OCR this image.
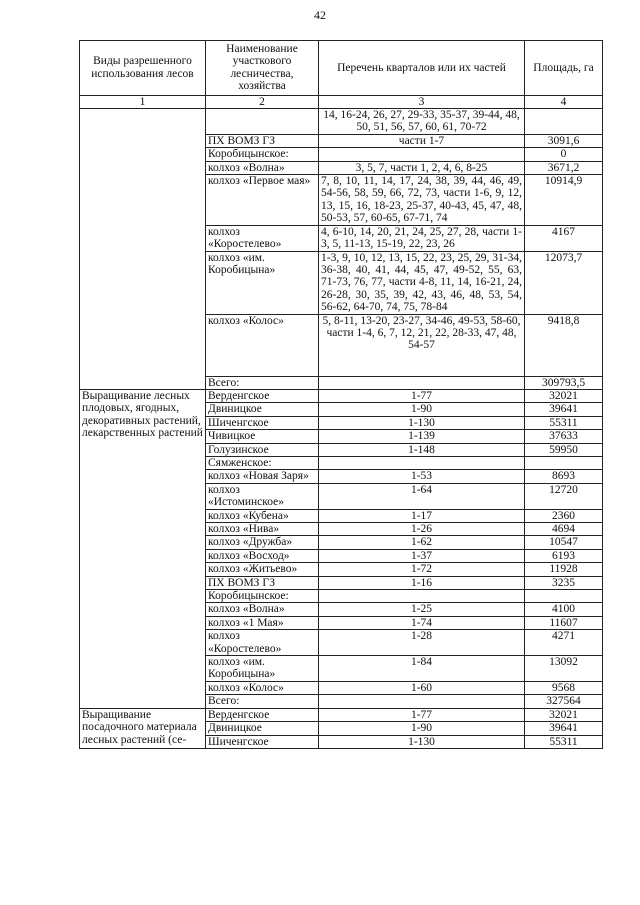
42
Виды разрешенного использования лесов	Наименование участкового лесничества, хозяйства	Перечень кварталов или их частей	Площадь, га
1	2	3	4
		14, 16-24, 26, 27, 29-33, 35-37, 39-44, 48, 50, 51, 56, 57, 60, 61, 70-72	
	ПХ ВОМЗ ГЗ	части 1-7	3091,6
	Коробицынское:		0
	колхоз «Волна»	3, 5, 7, части 1, 2, 4, 6, 8-25	3671,2
	колхоз «Первое мая»	7, 8, 10, 11, 14, 17, 24, 38, 39, 44, 46, 49, 54-56, 58, 59, 66, 72, 73, части 1-6, 9, 12, 13, 15, 16, 18-23, 25-37, 40-43, 45, 47, 48, 50-53, 57, 60-65, 67-71, 74	10914,9
	колхоз «Коростелево»	4, 6-10, 14, 20, 21, 24, 25, 27, 28, части 1-3, 5, 11-13, 15-19, 22, 23, 26	4167
	колхоз «им. Коробицына»	1-3, 9, 10, 12, 13, 15, 22, 23, 25, 29, 31-34, 36-38, 40, 41, 44, 45, 47, 49-52, 55, 63, 71-73, 76, 77, части 4-8, 11, 14, 16-21, 24, 26-28, 30, 35, 39, 42, 43, 46, 48, 53, 54, 56-62, 64-70, 74, 75, 78-84	12073,7
	колхоз «Колос»	5, 8-11, 13-20, 23-27, 34-46, 49-53, 58-60, части 1-4, 6, 7, 12, 21, 22, 28-33, 47, 48, 54-57	9418,8
	Всего:		309793,5
Выращивание лесных плодовых, ягодных, декоративных растений, лекарственных растений	Верденгское	1-77	32021
	Двиницкое	1-90	39641
	Шиченгское	1-130	55311
	Чивицкое	1-139	37633
	Голузинское	1-148	59950
	Сямженское:		
	колхоз «Новая Заря»	1-53	8693
	колхоз «Истоминское»	1-64	12720
	колхоз «Кубена»	1-17	2360
	колхоз «Нива»	1-26	4694
	колхоз «Дружба»	1-62	10547
	колхоз «Восход»	1-37	6193
	колхоз «Житьево»	1-72	11928
	ПХ ВОМЗ ГЗ	1-16	3235
	Коробицынское:		
	колхоз «Волна»	1-25	4100
	колхоз «1 Мая»	1-74	11607
	колхоз «Коростелево»	1-28	4271
	колхоз «им. Коробицына»	1-84	13092
	колхоз «Колос»	1-60	9568
	Всего:		327564
Выращивание посадочного материала лесных растений (се-	Верденгское	1-77	32021
	Двиницкое	1-90	39641
	Шиченгское	1-130	55311
